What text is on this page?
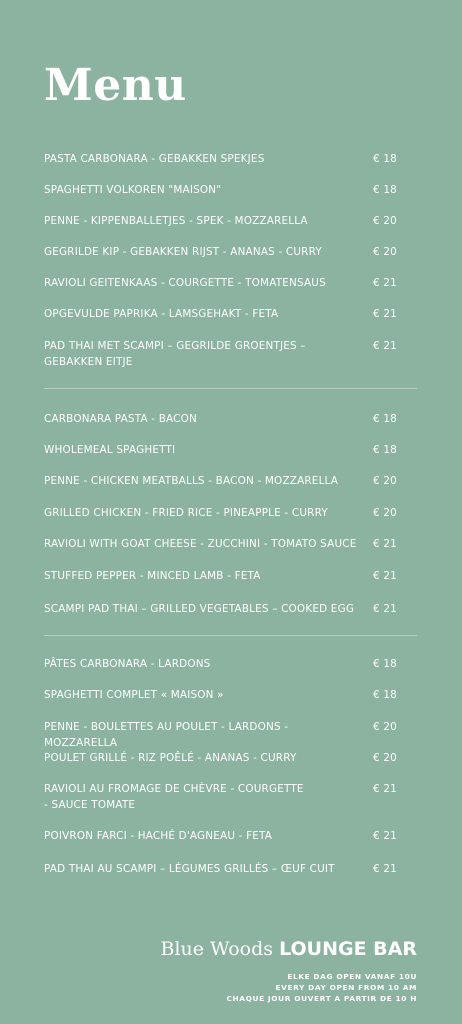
Menu
PASTA CARBONARA - GEBAKKEN SPEKJES	€ 18
SPAGHETTI VOLKOREN "MAISON"	€ 18
PENNE - KIPPENBALLETJES - SPEK - MOZZARELLA	€ 20
GEGRILDE KIP - GEBAKKEN RIJST - ANANAS - CURRY	€ 20
RAVIOLI GEITENKAAS - COURGETTE - TOMATENSAUS	€ 21
OPGEVULDE PAPRIKA - LAMSGEHAKT - FETA	€ 21
PAD THAI MET SCAMPI – GEGRILDE GROENTJES – GEBAKKEN EITJE
€ 21
CARBONARA PASTA - BACON	€ 18
WHOLEMEAL SPAGHETTI	€ 18
PENNE - CHICKEN MEATBALLS - BACON - MOZZARELLA	€ 20
GRILLED CHICKEN - FRIED RICE - PINEAPPLE - CURRY	€ 20
RAVIOLI WITH GOAT CHEESE - ZUCCHINI - TOMATO SAUCE € 21
STUFFED PEPPER - MINCED LAMB - FETA	€ 21
SCAMPI PAD THAI – GRILLED VEGETABLES – COOKED EGG	€ 21
PÂTES CARBONARA - LARDONS	€ 18
SPAGHETTI COMPLET « MAISON »	€ 18
PENNE - BOULETTES AU POULET - LARDONS - MOZZARELLA
€ 20
POULET GRILLÉ - RIZ POÊLÉ - ANANAS - CURRY	€ 20
RAVIOLI AU FROMAGE DE CHÈVRE - COURGETTE - SAUCE TOMATE
€ 21
POIVRON FARCI - HACHÉ D'AGNEAU - FETA	€ 21
PAD THAI AU SCAMPI – LÉGUMES GRILLÉS – ŒUF CUIT	€ 21
Blue Woods LOUNGE BAR
ELKE DAG OPEN VANAF 10U
EVERY DAY OPEN FROM 10 AM
CHAQUE JOUR OUVERT A PARTIR DE 10 H
